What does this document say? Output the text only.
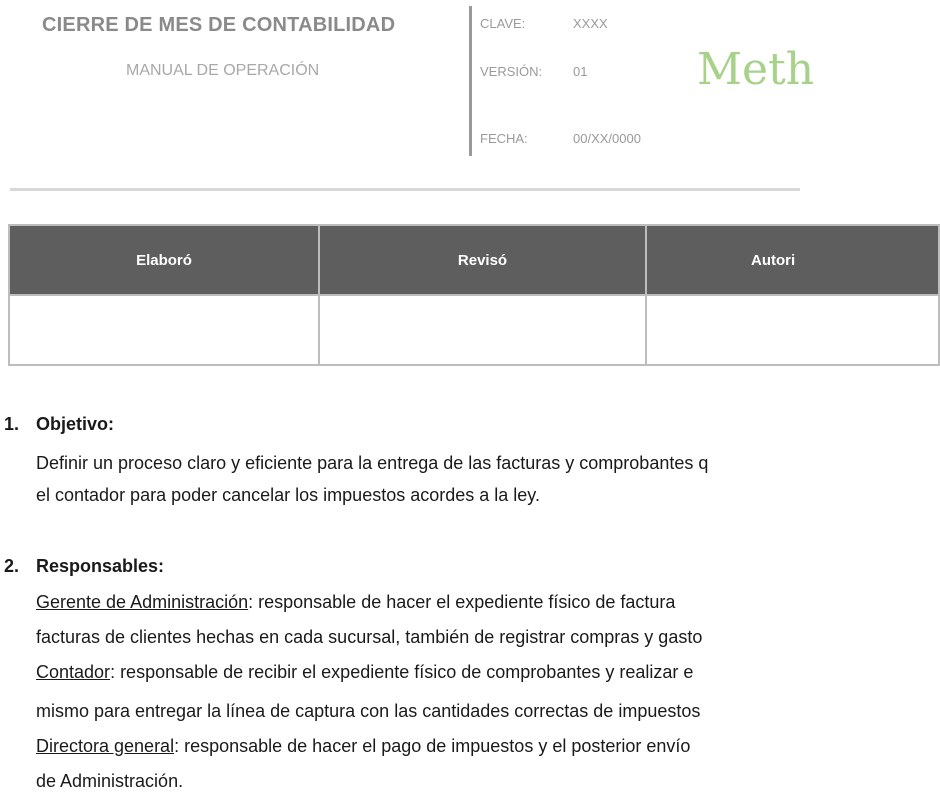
CIERRE DE MES DE CONTABILIDAD
MANUAL DE OPERACIÓN
CLAVE:	XXXX
VERSIÓN: 01
FECHA:	00/XX/0000
Meth
Elaboró	Revisó	Autori

1. Objetivo:
Definir un proceso claro y eficiente para la entrega de las facturas y comprobantes q
el contador para poder cancelar los impuestos acordes a la ley.
2. Responsables:
Gerente de Administración: responsable de hacer el expediente físico de factura
facturas de clientes hechas en cada sucursal, también de registrar compras y gasto
Contador: responsable de recibir el expediente físico de comprobantes y realizar e
mismo para entregar la línea de captura con las cantidades correctas de impuestos
Directora general: responsable de hacer el pago de impuestos y el posterior envío
de Administración.
